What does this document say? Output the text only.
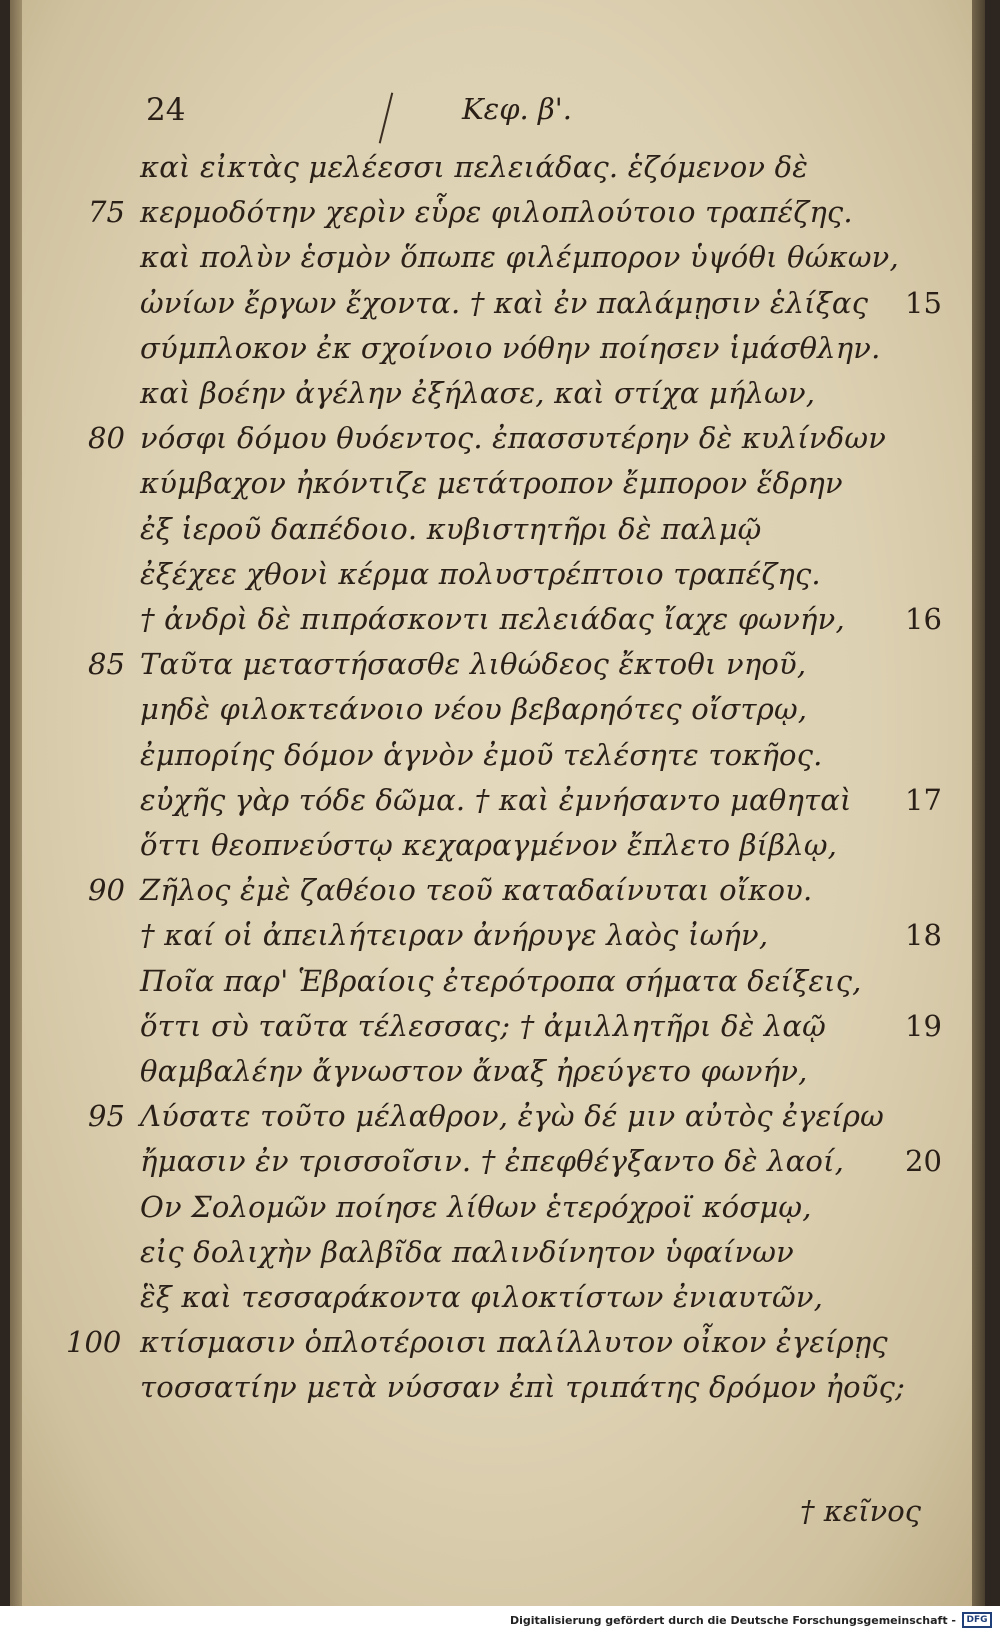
24	Κεφ. β'.
καὶ εἰκτὰς μελέεσσι πελειάδας. ἑζόμενον δὲ
κερμοδότην χερὶν εὗρε φιλοπλούτοιο τραπέζης.
75
καὶ πολὺν ἑσμὸν ὅπωπε φιλέμπορον ὑψόθι θώκων,
ὠνίων ἔργων ἔχοντα. † καὶ ἐν παλάμῃσιν ἑλίξας 15
σύμπλοκον ἐκ σχοίνοιο νόθην ποίησεν ἱμάσθλην.
καὶ βοέην ἀγέλην ἐξήλασε, καὶ στίχα μήλων,
νόσφι δόμου θυόεντος. ἐπασσυτέρην δὲ κυλίνδων
80
κύμβαχον ἠκόντιζε μετάτροπον ἔμπορον ἕδρην
ἐξ ἱεροῦ δαπέδοιο. κυβιστητῆρι δὲ παλμῷ
ἐξέχεε χθονὶ κέρμα πολυστρέπτοιο τραπέζης.
† ἀνδρὶ δὲ πιπράσκοντι πελειάδας ἴαχε φωνήν, 16
Ταῦτα μεταστήσασθε λιθώδεος ἔκτοθι νηοῦ,
85
μηδὲ φιλοκτεάνοιο νέου βεβαρηότες οἴστρῳ,
ἐμπορίης δόμον ἁγνὸν ἐμοῦ τελέσητε τοκῆος.
εὐχῆς γὰρ τόδε δῶμα. † καὶ ἐμνήσαντο μαθηταὶ 17
ὅττι θεοπνεύστῳ κεχαραγμένον ἔπλετο βίβλῳ,
Ζῆλος ἐμὲ ζαθέοιο τεοῦ καταδαίνυται οἴκου.
90
† καί οἱ ἀπειλήτειραν ἀνήρυγε λαὸς ἰωήν,	18
Ποῖα παρ' Ἑβραίοις ἐτερότροπα σήματα δείξεις,
ὅττι σὺ ταῦτα τέλεσσας; † ἀμιλλητῆρι δὲ λαῷ	19
θαμβαλέην ἄγνωστον ἄναξ ἠρεύγετο φωνήν,
Λύσατε τοῦτο μέλαθρον, ἐγὼ δέ μιν αὐτὸς ἐγείρω
95
ἤμασιν ἐν τρισσοῖσιν. † ἐπεφθέγξαντο δὲ λαοί, 20
Ον Σολομῶν ποίησε λίθων ἑτερόχροϊ κόσμῳ,
εἰς δολιχὴν βαλβῖδα παλινδίνητον ὑφαίνων
ἓξ καὶ τεσσαράκοντα φιλοκτίστων ἐνιαυτῶν,
κτίσμασιν ὁπλοτέροισι παλίλλυτον οἶκον ἐγείρῃς
100
τοσσατίην μετὰ νύσσαν ἐπὶ τριπάτης δρόμον ἠοῦς;
† κεῖνος
Digitalisierung gefördert durch die Deutsche Forschungsgemeinschaft -	DFG
